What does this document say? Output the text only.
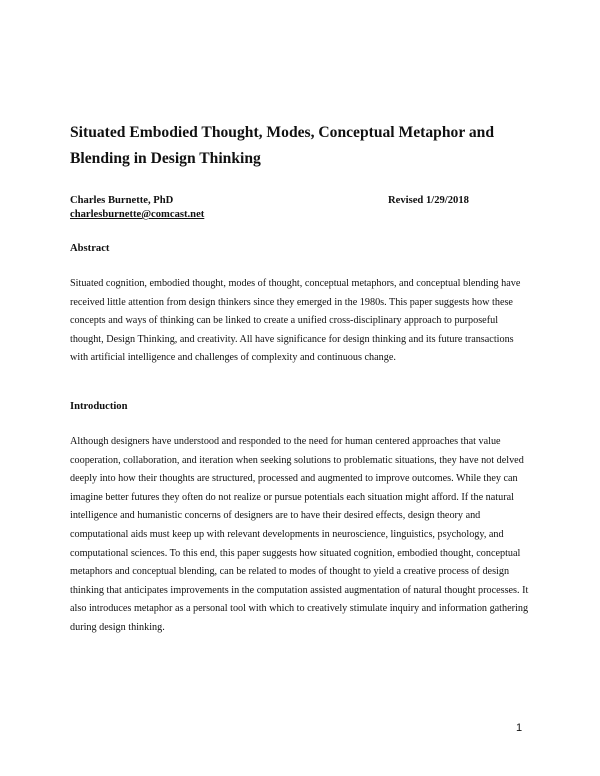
Situated Embodied Thought, Modes, Conceptual Metaphor and Blending in Design Thinking
Charles Burnette, PhD	Revised 1/29/2018
charlesburnette@comcast.net
Abstract

Situated cognition, embodied thought, modes of thought, conceptual metaphors, and conceptual blending have received little attention from design thinkers since they emerged in the 1980s. This paper suggests how these concepts and ways of thinking can be linked to create a unified cross-disciplinary approach to purposeful thought, Design Thinking, and creativity. All have significance for design thinking and its future transactions with artificial intelligence and challenges of complexity and continuous change.

Introduction

Although designers have understood and responded to the need for human centered approaches that value cooperation, collaboration, and iteration when seeking solutions to problematic situations, they have not delved deeply into how their thoughts are structured, processed and augmented to improve outcomes. While they can imagine better futures they often do not realize or pursue potentials each situation might afford. If the natural intelligence and humanistic concerns of designers are to have their desired effects, design theory and computational aids must keep up with relevant developments in neuroscience, linguistics, psychology, and computational sciences. To this end, this paper suggests how situated cognition, embodied thought, conceptual metaphors and conceptual blending, can be related to modes of thought to yield a creative process of design thinking that anticipates improvements in the computation assisted augmentation of natural thought processes. It also introduces metaphor as a personal tool with which to creatively stimulate inquiry and information gathering during design thinking.

1
